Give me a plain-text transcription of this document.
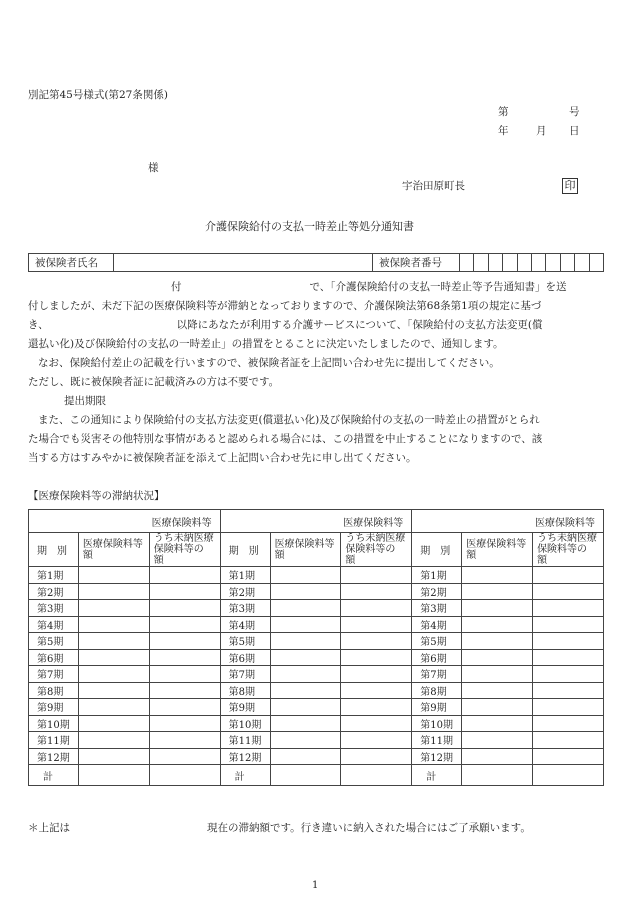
別記第45号様式(第27条関係)
第	号
年	月 日
様
宇治田原町長	印
介護保険給付の支払一時差止等処分通知書
被保険者氏名		被保険者番号										
付	で、「介護保険給付の支払一時差止等予告通知書」を送
付しましたが、未だ下記の医療保険料等が滞納となっておりますので、介護保険法第68条第1項の規定に基づ
き、	以降にあなたが利用する介護サービスについて、「保険給付の支払方法変更(償
還払い化)及び保険給付の支払の一時差止」の措置をとることに決定いたしましたので、通知します。
なお、保険給付差止の記載を行いますので、被保険者証を上記問い合わせ先に提出してください。
ただし、既に被保険者証に記載済みの方は不要です。
提出期限
また、この通知により保険給付の支払方法変更(償還払い化)及び保険給付の支払の一時差止の措置がとられ
た場合でも災害その他特別な事情があると認められる場合には、この措置を中止することになりますので、該
当する方はすみやかに被保険者証を添えて上記問い合わせ先に申し出てください。
【医療保険料等の滞納状況】
医療保険料等			医療保険料等			医療保険料等		
期　別	医療保険料等　　額	うち未納医療保険料等の　　額	期　別	医療保険料等　　額	うち未納医療保険料等の　　額	期　別	医療保険料等　　額	うち未納医療保険料等の　　額
第1期			第1期			第1期		
第2期			第2期			第2期		
第3期			第3期			第3期		
第4期			第4期			第4期		
第5期			第5期			第5期		
第6期			第6期			第6期		
第7期			第7期			第7期		
第8期			第8期			第8期		
第9期			第9期			第9期		
第10期			第10期			第10期		
第11期			第11期			第11期		
第12期			第12期			第12期		
計			計			計		
＊上記は	現在の滞納額です。行き違いに納入された場合にはご了承願います。
1
